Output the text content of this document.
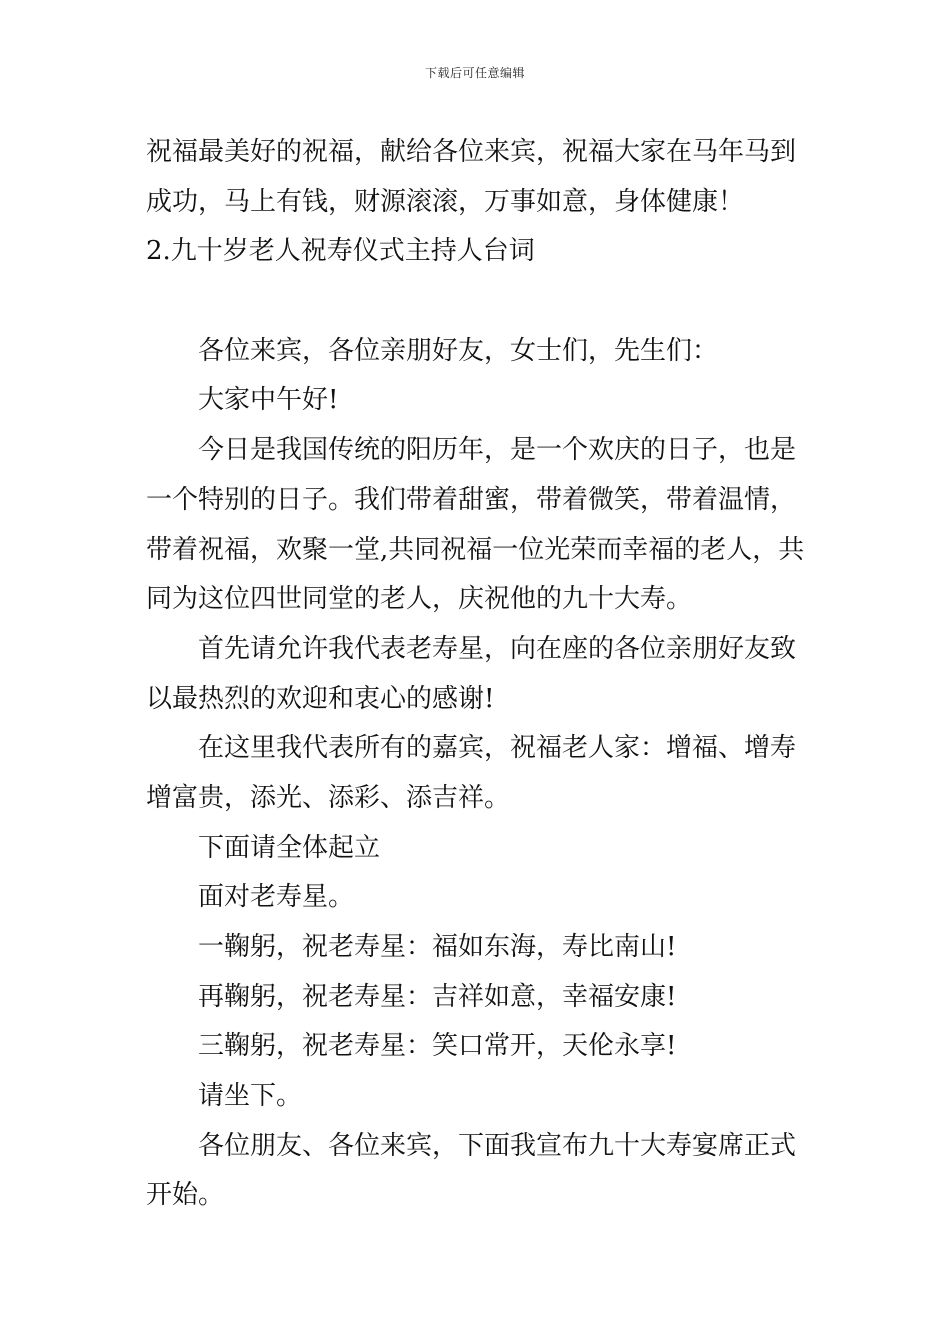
下载后可任意编辑
祝福最美好的祝福，献给各位来宾，祝福大家在马年马到
成功，马上有钱，财源滚滚，万事如意，身体健康！
2.九十岁老人祝寿仪式主持人台词
各位来宾，各位亲朋好友，女士们，先生们：
大家中午好!
今日是我国传统的阳历年，是一个欢庆的日子，也是
一个特别的日子。我们带着甜蜜，带着微笑，带着温情，
带着祝福，欢聚一堂,共同祝福一位光荣而幸福的老人，共
同为这位四世同堂的老人，庆祝他的九十大寿。
首先请允许我代表老寿星，向在座的各位亲朋好友致
以最热烈的欢迎和衷心的感谢!
在这里我代表所有的嘉宾，祝福老人家：增福、增寿
增富贵，添光、添彩、添吉祥。
下面请全体起立
面对老寿星。
一鞠躬，祝老寿星：福如东海，寿比南山!
再鞠躬，祝老寿星：吉祥如意，幸福安康!
三鞠躬，祝老寿星：笑口常开，天伦永享!
请坐下。
各位朋友、各位来宾，下面我宣布九十大寿宴席正式
开始。
